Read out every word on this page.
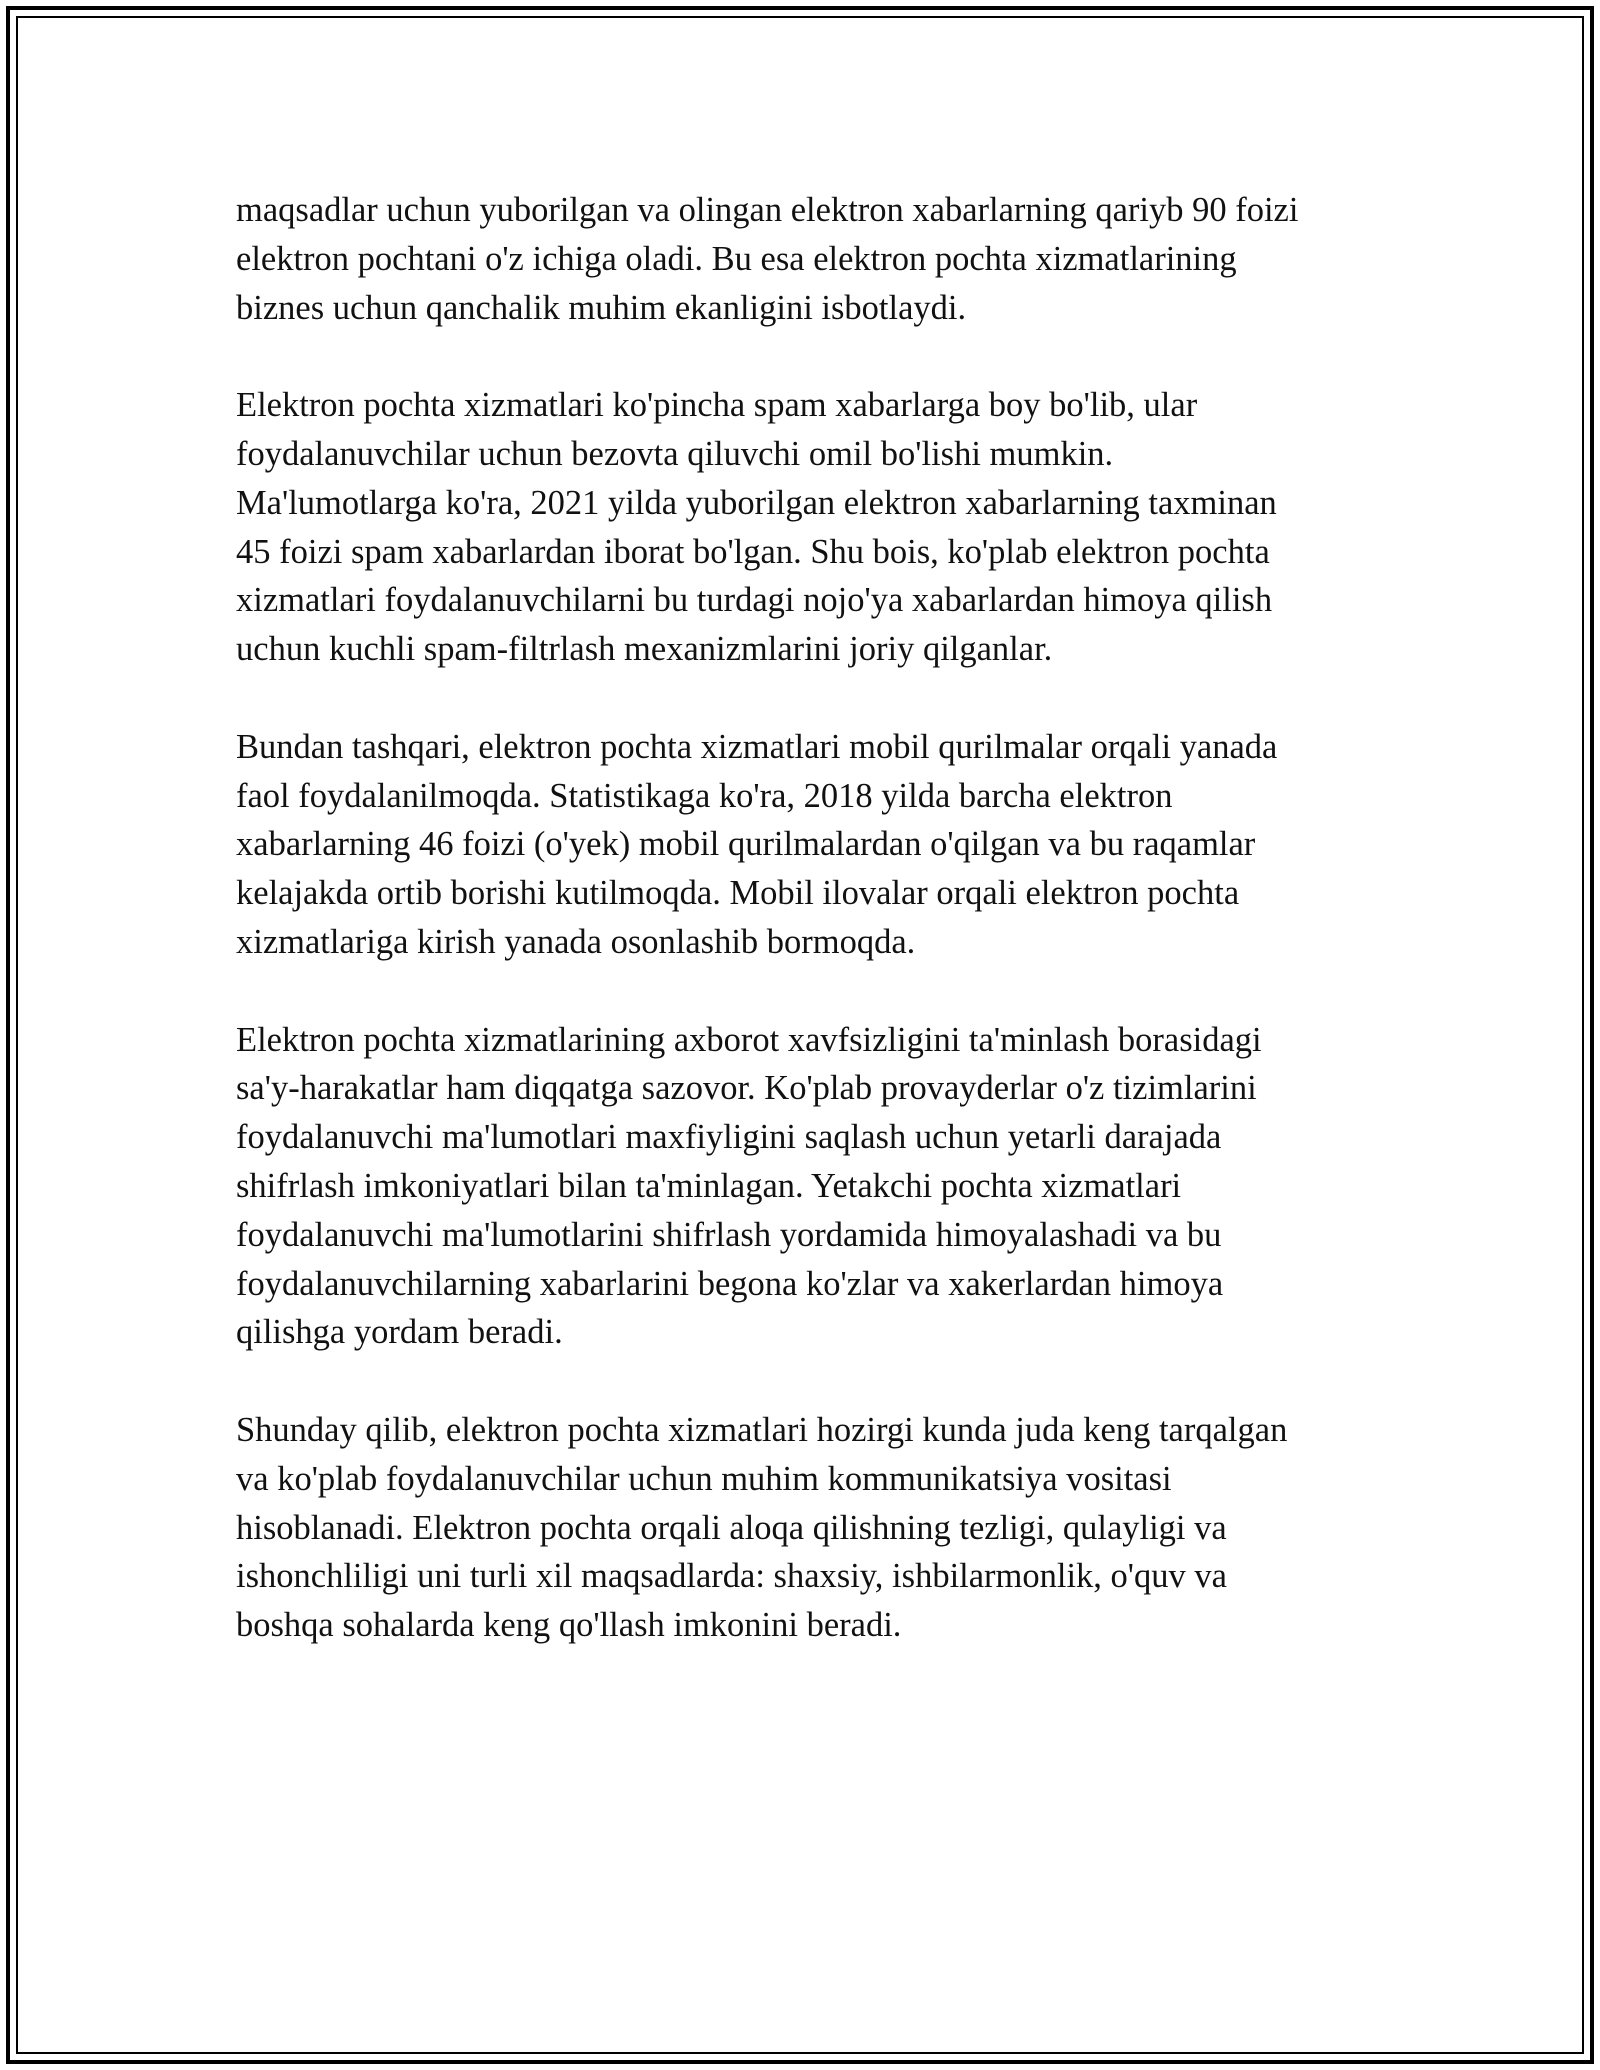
maqsadlar uchun yuborilgan va olingan elektron xabarlarning qariyb 90 foizi
elektron pochtani o'z ichiga oladi. Bu esa elektron pochta xizmatlarining
biznes uchun qanchalik muhim ekanligini isbotlaydi.

Elektron pochta xizmatlari ko'pincha spam xabarlarga boy bo'lib, ular
foydalanuvchilar uchun bezovta qiluvchi omil bo'lishi mumkin.
Ma'lumotlarga ko'ra, 2021 yilda yuborilgan elektron xabarlarning taxminan
45 foizi spam xabarlardan iborat bo'lgan. Shu bois, ko'plab elektron pochta
xizmatlari foydalanuvchilarni bu turdagi nojo'ya xabarlardan himoya qilish
uchun kuchli spam-filtrlash mexanizmlarini joriy qilganlar.

Bundan tashqari, elektron pochta xizmatlari mobil qurilmalar orqali yanada
faol foydalanilmoqda. Statistikaga ko'ra, 2018 yilda barcha elektron
xabarlarning 46 foizi (o'yek) mobil qurilmalardan o'qilgan va bu raqamlar
kelajakda ortib borishi kutilmoqda. Mobil ilovalar orqali elektron pochta
xizmatlariga kirish yanada osonlashib bormoqda.

Elektron pochta xizmatlarining axborot xavfsizligini ta'minlash borasidagi
sa'y-harakatlar ham diqqatga sazovor. Ko'plab provayderlar o'z tizimlarini
foydalanuvchi ma'lumotlari maxfiyligini saqlash uchun yetarli darajada
shifrlash imkoniyatlari bilan ta'minlagan. Yetakchi pochta xizmatlari
foydalanuvchi ma'lumotlarini shifrlash yordamida himoyalashadi va bu
foydalanuvchilarning xabarlarini begona ko'zlar va xakerlardan himoya
qilishga yordam beradi.

Shunday qilib, elektron pochta xizmatlari hozirgi kunda juda keng tarqalgan
va ko'plab foydalanuvchilar uchun muhim kommunikatsiya vositasi
hisoblanadi. Elektron pochta orqali aloqa qilishning tezligi, qulayligi va
ishonchliligi uni turli xil maqsadlarda: shaxsiy, ishbilarmonlik, o'quv va
boshqa sohalarda keng qo'llash imkonini beradi.
